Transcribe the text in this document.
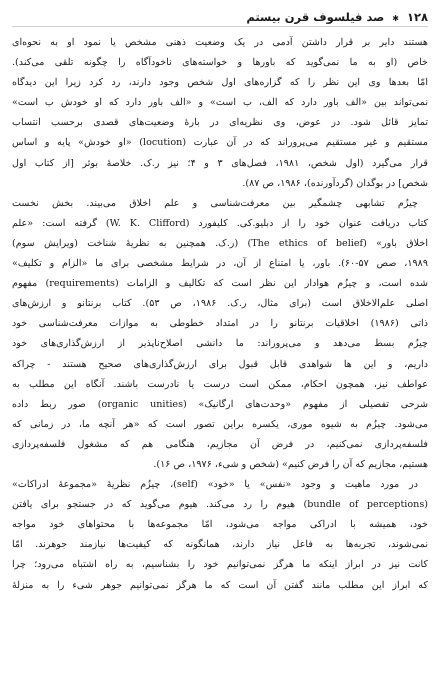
۱۲۸ ✱ صد فیلسوف قرن بیستم
هستند دایر بر قرار داشتن آدمی در یک وضعیت ذهنی مشخص یا نمود او به نحوه‌ای
خاص (او به ما نمی‌گوید که باورها و خواسته‌های ناخودآگاه را چگونه تلقی می‌کند).
امّا بعدها وی این نظر را که گزاره‌های اول شخص وجود دارند، رد کرد زیرا این دیدگاه
نمی‌تواند بین «الف باور دارد که الف، ب است» و «الف باور دارد که او خودش ب است»
تمایز قائل شود. در عوض، وی نظریه‌ای در بارهٔ وضعیت‌های قصدی برحسب انتساب
مستقیم و غیر مستقیم می‌پروراند که در آن عبارت (locution) «او خودش» پایه و اساس
قرار می‌گیرد (اول شخص، ۱۹۸۱، فصل‌های ۳ و ۴؛ نیز ر.ک. خلاصهٔ بوئر [از کتاب اول
شخص] در بوگدان (گردآورنده)، ۱۹۸۶، ص ۸۷).
چیزُم تشابهی چشمگیر بین معرفت‌شناسی و علم اخلاق می‌بیند. بخش نخست
کتاب دریافت عنوان خود را از دبلیو.کی. کلیفورد (W. K. Clifford) گرفته است: «علم
اخلاق باور» (The ethics of belief) (ر.ک. همچنین به نظریهٔ شناخت (ویرایش سوم)
۱۹۸۹، صص ۵۷-۶۰). باور، یا امتناع از آن، در شرایط مشخصی برای ما «الزام و تکلیف»
شده است، و چیزُم هوادار این نظر است که تکالیف و الزامات (requirements) مفهوم
اصلی علم‌الاخلاق است (برای مثال، ر.ک. ۱۹۸۶، ص ۵۳). کتاب برنتانو و ارزش‌های
ذاتی (۱۹۸۶) اخلاقیات برنتانو را در امتداد خطوطی به موازات معرفت‌شناسی خود
چیزُم بسط می‌دهد و می‌پروراند: ما دانشی اصلاح‌ناپذیر از ارزش‌گذاری‌های خود
داریم، و این ها شواهدی قابل قبول برای ارزش‌گذاری‌های صحیح هستند - چراکه
عواطف نیز، همچون احکام، ممکن است درست یا نادرست باشند. آنگاه این مطلب به
شرحی تفصیلی از مفهوم «وحدت‌های ارگانیک» (organic unities) صور ربط داده
می‌شود. چیزُم به شیوه موری، یکسره براین تصور است که «هر آنچه ما، در زمانی که
فلسفه‌پردازی نمی‌کنیم، در فرض آن مجازیم، هنگامی هم که مشغول فلسفه‌پردازی
هستیم، مجازیم که آن را فرض کنیم» (شخص و شیء، ۱۹۷۶، ص ۱۶).
در مورد ماهیت و وجود «نفس» یا «خود» (self)، چیزُم نظریهٔ «مجموعهٔ ادراکات»
(bundle of perceptions) هیوم را رد می‌کند. هیوم می‌گوید که در جستجو برای یافتن
خود، همیشه با ادراکی مواجه می‌شود، امّا مجموعه‌ها با محتواهای خود مواجه
نمی‌شوند، تجربه‌ها به فاعل نیاز دارند، همانگونه که کیفیت‌ها نیازمند جوهرند. امّا
کانت نیز در ابراز اینکه ما هرگز نمی‌توانیم خود را بشناسیم، به راه اشتباه می‌رود؛ چرا
که ابراز این مطلب مانند گفتن آن است که ما هرگز نمی‌توانیم جوهر شیء را به منزلهٔ
